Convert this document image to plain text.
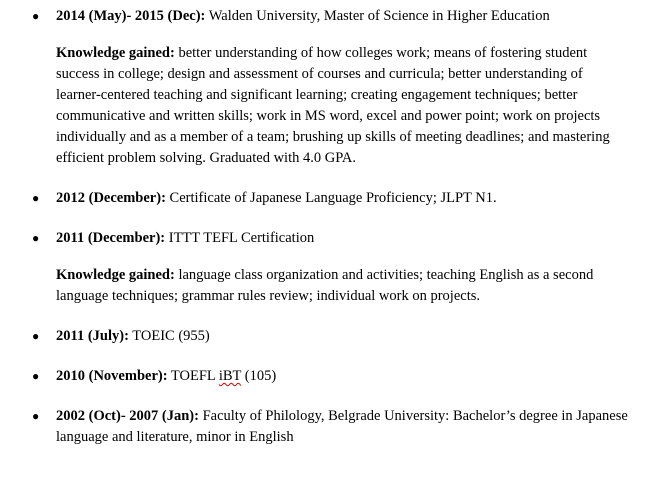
● 2014 (May)- 2015 (Dec): Walden University, Master of Science in Higher Education
Knowledge gained: better understanding of how colleges work; means of fostering student success in college; design and assessment of courses and curricula; better understanding of learner-centered teaching and significant learning; creating engagement techniques; better communicative and written skills; work in MS word, excel and power point; work on projects individually and as a member of a team; brushing up skills of meeting deadlines; and mastering efficient problem solving. Graduated with 4.0 GPA.
● 2012 (December): Certificate of Japanese Language Proficiency; JLPT N1.
● 2011 (December): ITTT TEFL Certification
Knowledge gained: language class organization and activities; teaching English as a second language techniques; grammar rules review; individual work on projects.
● 2011 (July): TOEIC (955)
● 2010 (November): TOEFL iBT (105)
● 2002 (Oct)- 2007 (Jan): Faculty of Philology, Belgrade University: Bachelor’s degree in Japanese language and literature, minor in English
